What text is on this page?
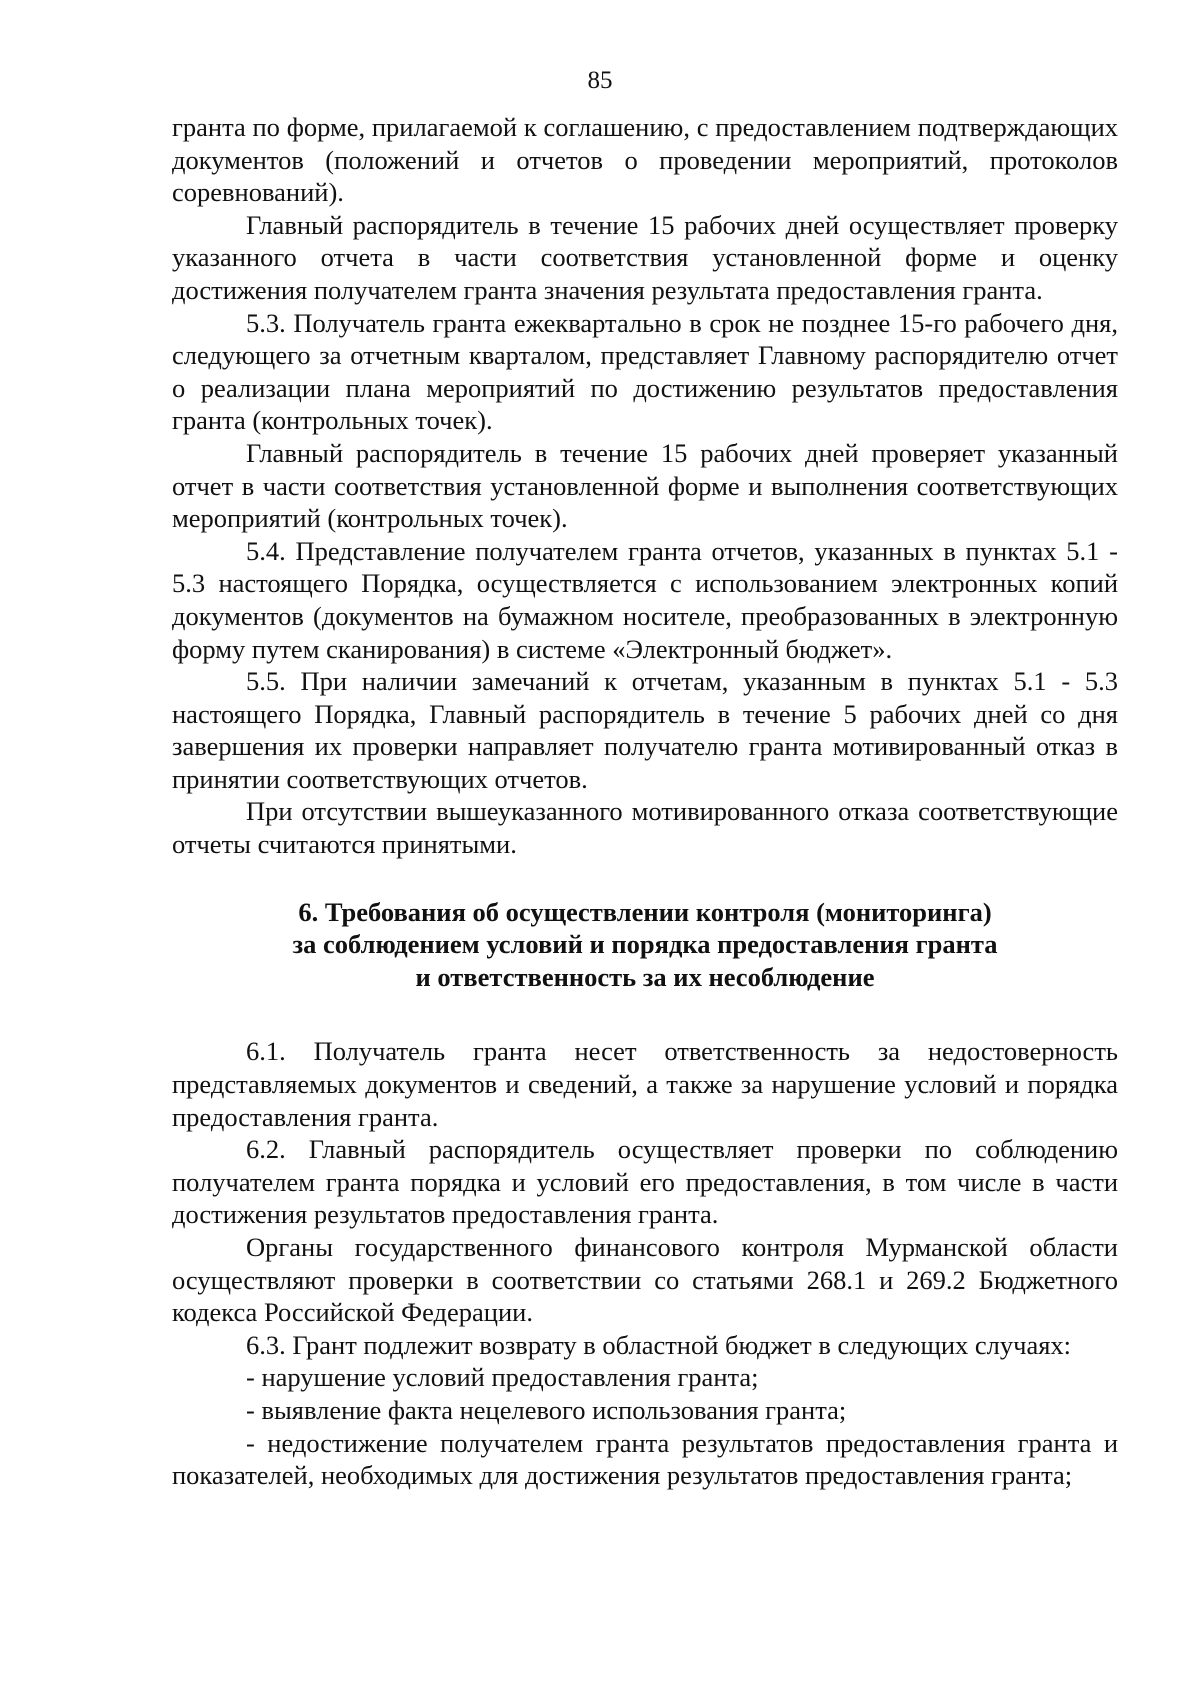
85

гранта по форме, прилагаемой к соглашению, с предоставлением подтверждающих документов (положений и отчетов о проведении мероприятий, протоколов соревнований).

Главный распорядитель в течение 15 рабочих дней осуществляет проверку указанного отчета в части соответствия установленной форме и оценку достижения получателем гранта значения результата предоставления гранта.

5.3. Получатель гранта ежеквартально в срок не позднее 15-го рабочего дня, следующего за отчетным кварталом, представляет Главному распорядителю отчет о реализации плана мероприятий по достижению результатов предоставления гранта (контрольных точек).

Главный распорядитель в течение 15 рабочих дней проверяет указанный отчет в части соответствия установленной форме и выполнения соответствующих мероприятий (контрольных точек).

5.4. Представление получателем гранта отчетов, указанных в пунктах 5.1 - 5.3 настоящего Порядка, осуществляется с использованием электронных копий документов (документов на бумажном носителе, преобразованных в электронную форму путем сканирования) в системе «Электронный бюджет».

5.5. При наличии замечаний к отчетам, указанным в пунктах 5.1 - 5.3 настоящего Порядка, Главный распорядитель в течение 5 рабочих дней со дня завершения их проверки направляет получателю гранта мотивированный отказ в принятии соответствующих отчетов.

При отсутствии вышеуказанного мотивированного отказа соответствующие отчеты считаются принятыми.

6. Требования об осуществлении контроля (мониторинга)
за соблюдением условий и порядка предоставления гранта
и ответственность за их несоблюдение

6.1. Получатель гранта несет ответственность за недостоверность представляемых документов и сведений, а также за нарушение условий и порядка предоставления гранта.

6.2. Главный распорядитель осуществляет проверки по соблюдению получателем гранта порядка и условий его предоставления, в том числе в части достижения результатов предоставления гранта.

Органы государственного финансового контроля Мурманской области осуществляют проверки в соответствии со статьями 268.1 и 269.2 Бюджетного кодекса Российской Федерации.

6.3. Грант подлежит возврату в областной бюджет в следующих случаях:

- нарушение условий предоставления гранта;

- выявление факта нецелевого использования гранта;

- недостижение получателем гранта результатов предоставления гранта и показателей, необходимых для достижения результатов предоставления гранта;
